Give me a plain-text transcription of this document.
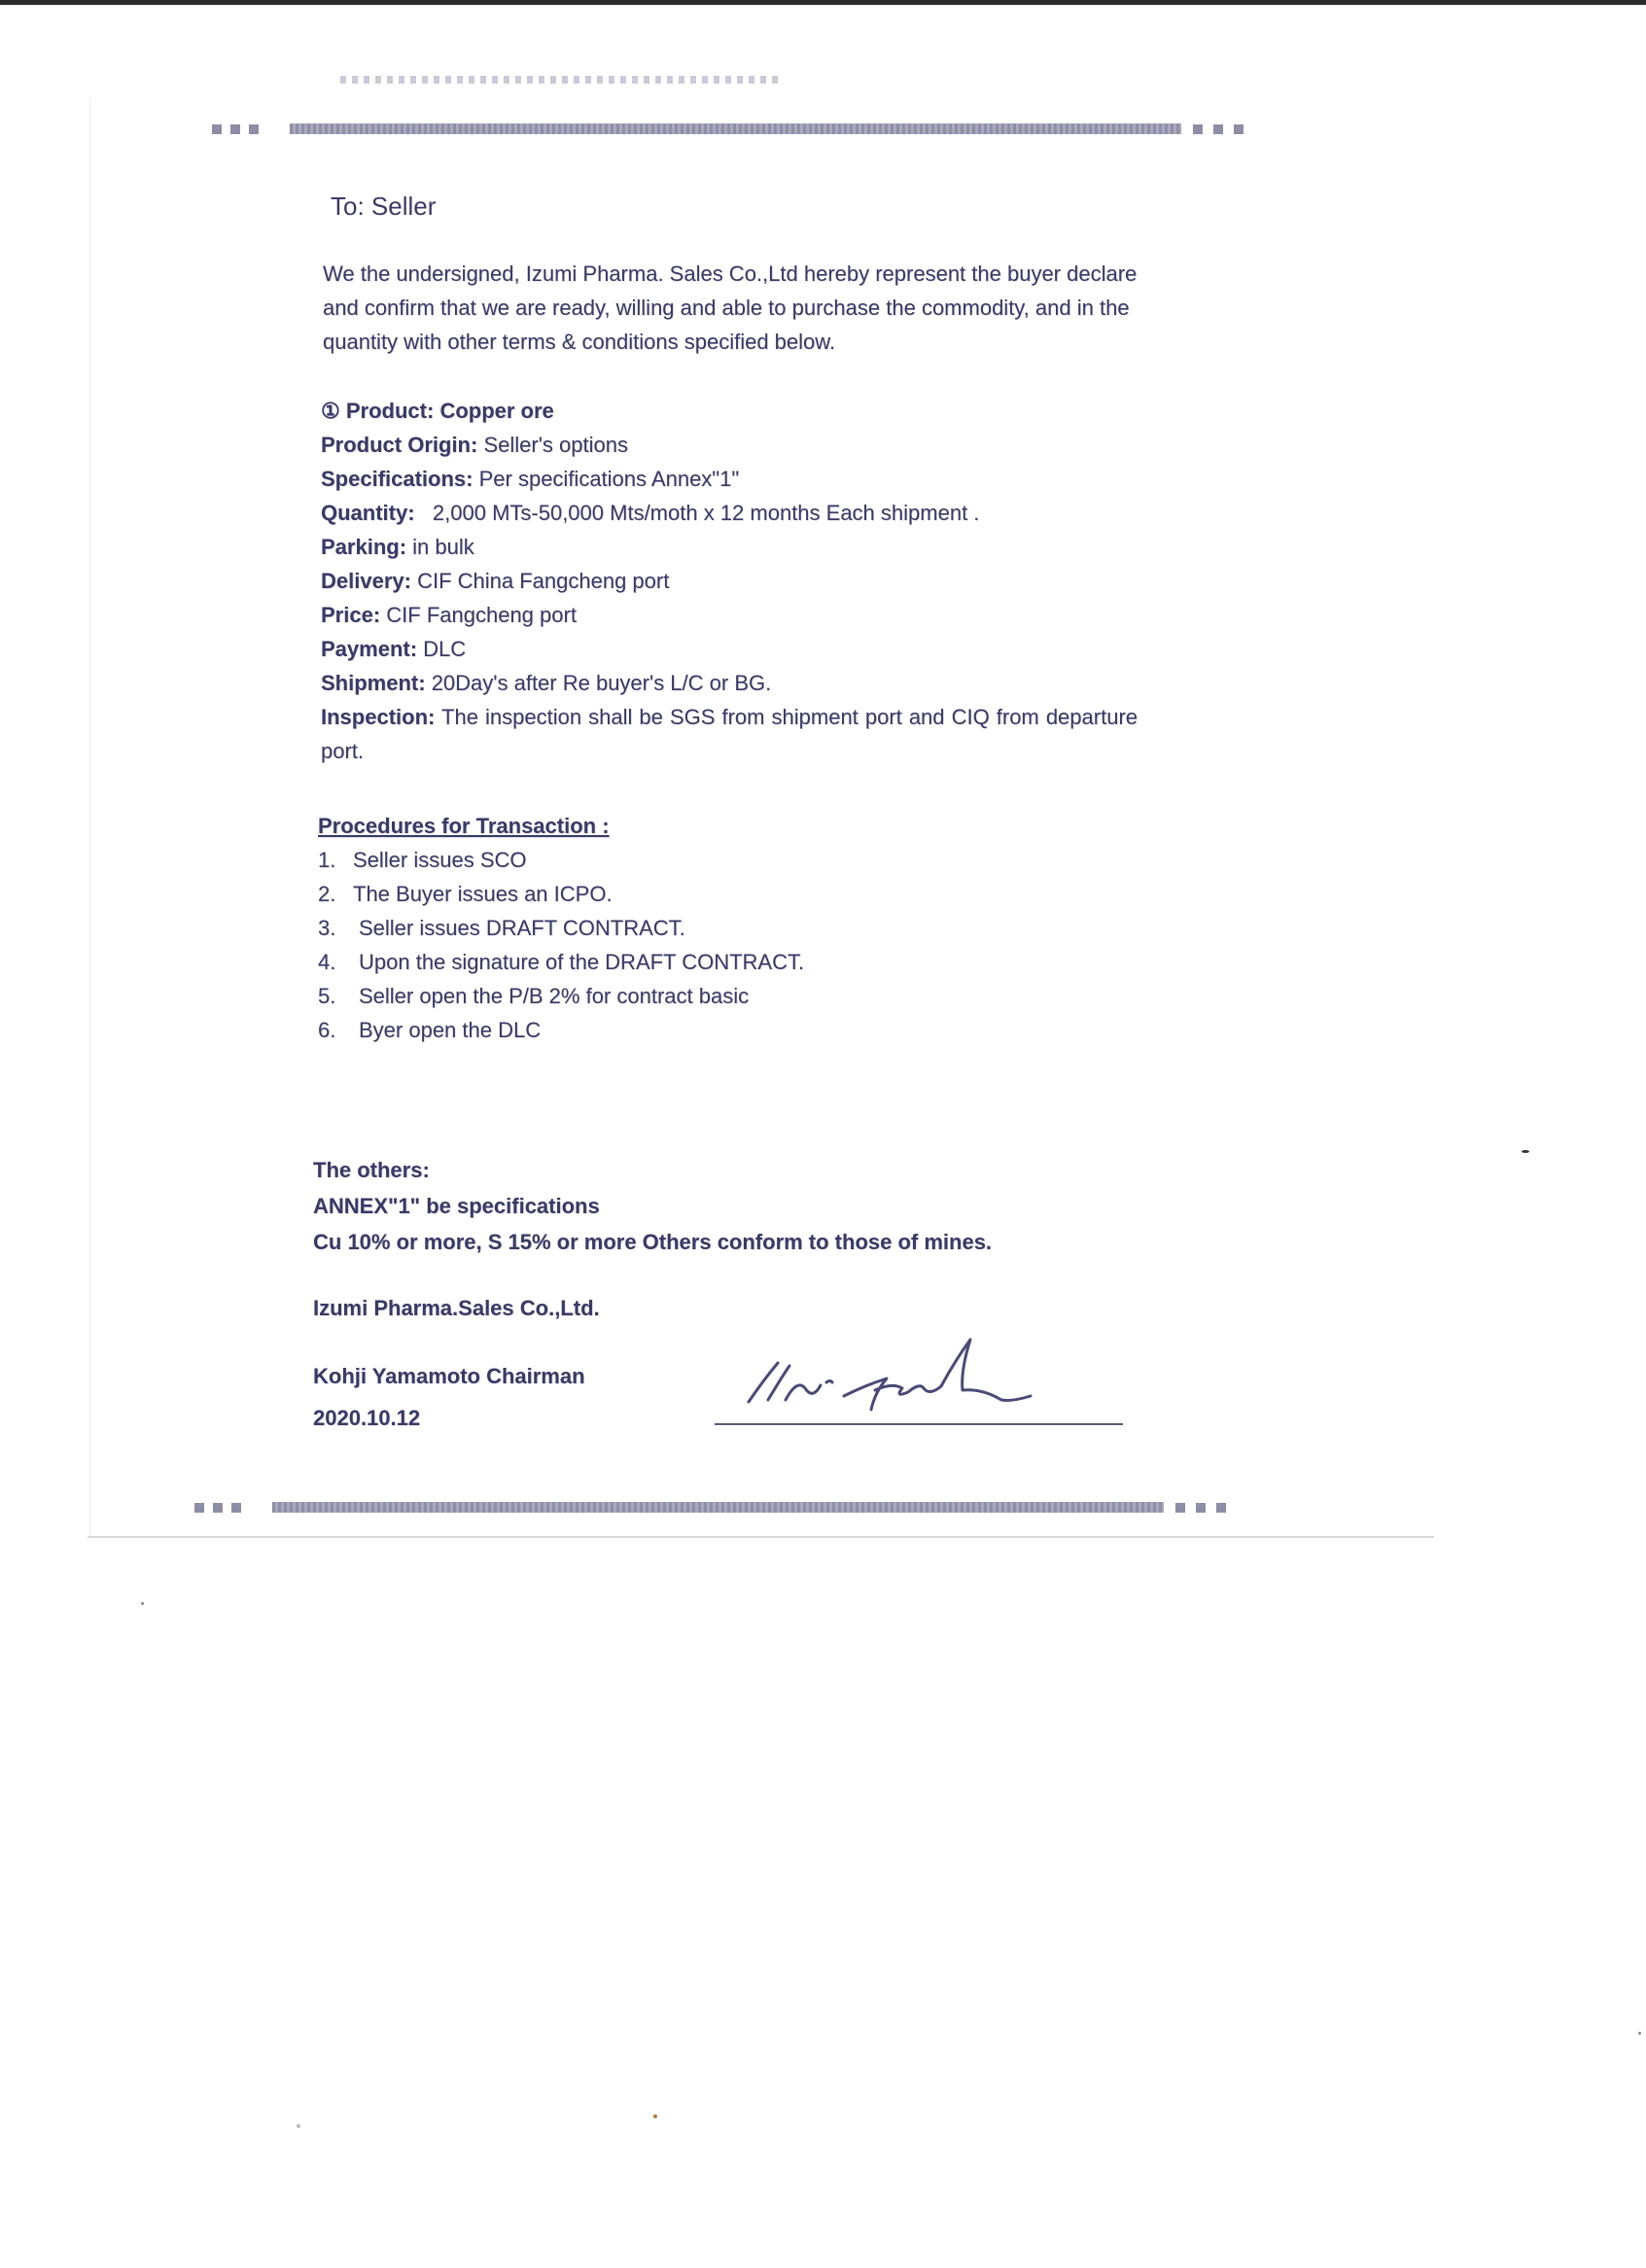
To: Seller
We the undersigned, Izumi Pharma. Sales Co.,Ltd hereby represent the buyer declare and confirm that we are ready, willing and able to purchase the commodity, and in the quantity with other terms & conditions specified below.
① Product: Copper ore
Product Origin: Seller's options
Specifications: Per specifications Annex"1"
Quantity: 2,000 MTs-50,000 Mts/moth x 12 months Each shipment .
Parking: in bulk
Delivery: CIF China Fangcheng port
Price: CIF Fangcheng port
Payment: DLC
Shipment: 20Day's after Re buyer's L/C or BG.
Inspection: The inspection shall be SGS from shipment port and CIQ from departure port.
Procedures for Transaction :
1. Seller issues SCO
2. The Buyer issues an ICPO.
3.	Seller issues DRAFT CONTRACT.
4.	Upon the signature of the DRAFT CONTRACT.
5.	Seller open the P/B 2% for contract basic
6.	Byer open the DLC
The others:
ANNEX"1" be specifications
Cu 10% or more, S 15% or more Others conform to those of mines.
Izumi Pharma.Sales Co.,Ltd.
Kohji Yamamoto Chairman
2020.10.12
